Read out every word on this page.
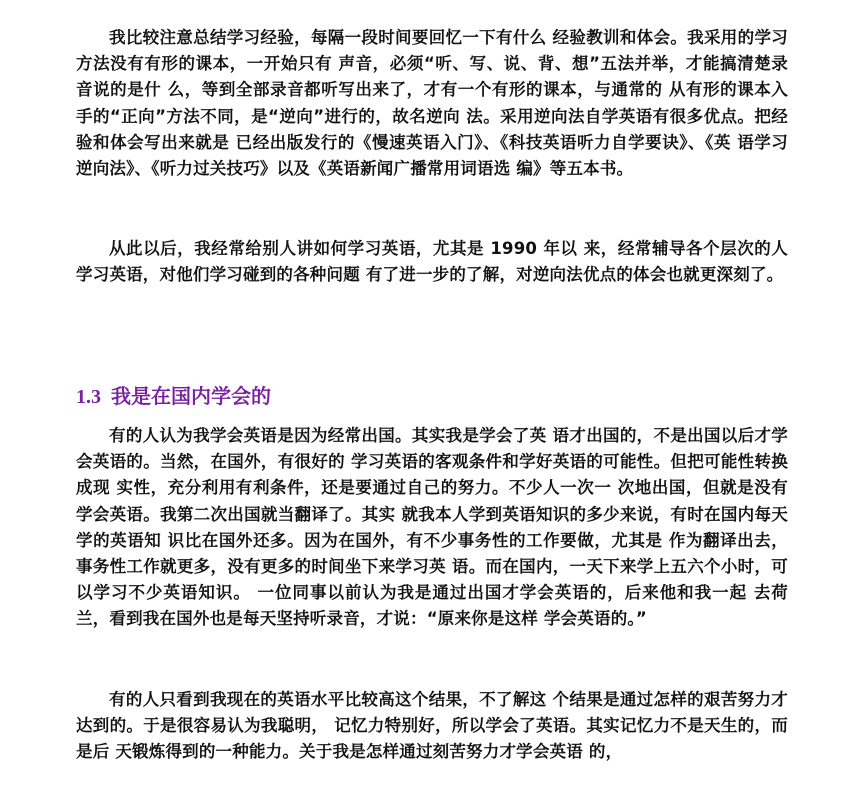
我比较注意总结学习经验，每隔一段时间要回忆一下有什么 经验教训和体会。我采用的学习方法没有有形的课本，一开始只有 声音，必须“听、写、说、背、想”五法并举，才能搞清楚录音说的是什 么，等到全部录音都听写出来了，才有一个有形的课本，与通常的 从有形的课本入手的“正向”方法不同，是“逆向”进行的，故名逆向 法。采用逆向法自学英语有很多优点。把经验和体会写出来就是 已经出版发行的《慢速英语入门》、《科技英语听力自学要诀》、《英 语学习逆向法》、《听力过关技巧》以及《英语新闻广播常用词语选 编》等五本书。

从此以后，我经常给别人讲如何学习英语，尤其是 1990 年以 来，经常辅导各个层次的人学习英语，对他们学习碰到的各种问题 有了进一步的了解，对逆向法优点的体会也就更深刻了。

1.3 我是在国内学会的

有的人认为我学会英语是因为经常出国。其实我是学会了英 语才出国的，不是出国以后才学会英语的。当然，在国外，有很好的 学习英语的客观条件和学好英语的可能性。但把可能性转换成现 实性，充分利用有利条件，还是要通过自己的努力。不少人一次一 次地出国，但就是没有学会英语。我第二次出国就当翻译了。其实 就我本人学到英语知识的多少来说，有时在国内每天学的英语知 识比在国外还多。因为在国外，有不少事务性的工作要做，尤其是 作为翻译出去，事务性工作就更多，没有更多的时间坐下来学习英 语。而在国内，一天下来学上五六个小时，可以学习不少英语知识。 一位同事以前认为我是通过出国才学会英语的，后来他和我一起 去荷兰，看到我在国外也是每天坚持听录音，才说：“原来你是这样 学会英语的。”

有的人只看到我现在的英语水平比较高这个结果，不了解这 个结果是通过怎样的艰苦努力才达到的。于是很容易认为我聪明， 记忆力特别好，所以学会了英语。其实记忆力不是天生的，而是后 天锻炼得到的一种能力。关于我是怎样通过刻苦努力才学会英语 的，
